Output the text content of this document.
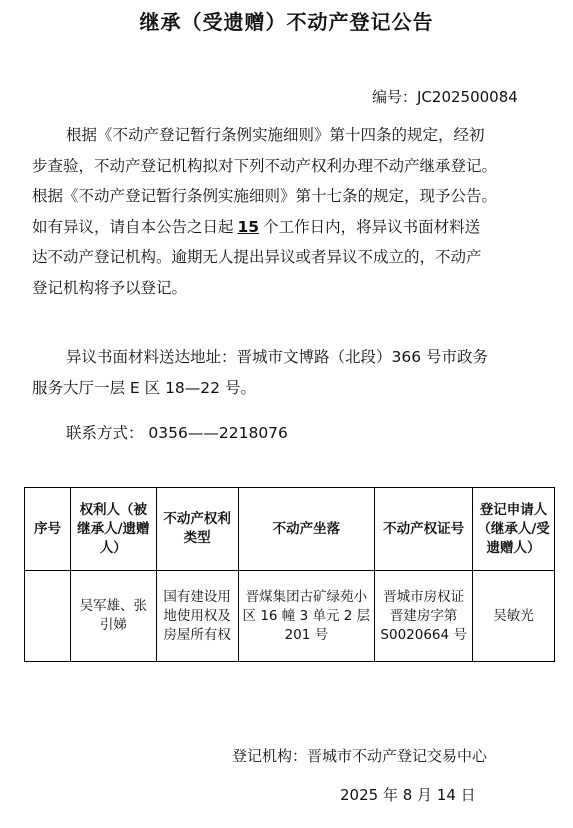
继承（受遗赠）不动产登记公告
编号：JC202500084
根据《不动产登记暂行条例实施细则》第十四条的规定，经初
步查验，不动产登记机构拟对下列不动产权利办理不动产继承登记。
根据《不动产登记暂行条例实施细则》第十七条的规定，现予公告。
如有异议，请自本公告之日起 15 个工作日内，将异议书面材料送
达不动产登记机构。逾期无人提出异议或者异议不成立的，不动产
登记机构将予以登记。
异议书面材料送达地址：晋城市文博路（北段）366 号市政务
服务大厅一层 E 区 18—22 号。
联系方式： 0356——2218076
序号	权利人（被继承人/遗赠人）	不动产权利类型	不动产坐落	不动产权证号	登记申请人（继承人/受遗赠人）
	吴军雄、张引娣	国有建设用地使用权及房屋所有权	晋煤集团古矿绿苑小区 16 幢 3 单元 2 层 201 号	晋城市房权证晋建房字第 S0020664 号	吴敏光
登记机构：晋城市不动产登记交易中心
2025 年 8 月 14 日
